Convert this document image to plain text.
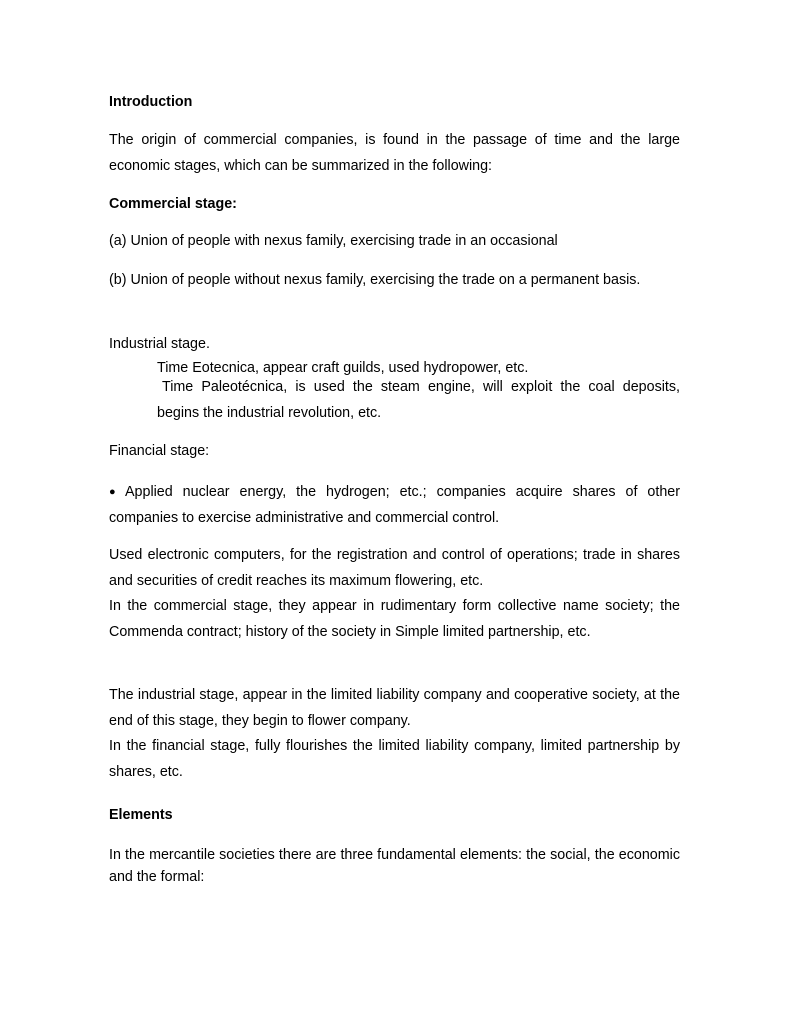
Introduction

The origin of commercial companies, is found in the passage of time and the large economic stages, which can be summarized in the following:

Commercial stage:

(a) Union of people with nexus family, exercising trade in an occasional

(b) Union of people without nexus family, exercising the trade on a permanent basis.

Industrial stage.

Time Eotecnica, appear craft guilds, used hydropower, etc.

Time Paleotécnica, is used the steam engine, will exploit the coal deposits, begins the industrial revolution, etc.

Financial stage:

● Applied nuclear energy, the hydrogen; etc.; companies acquire shares of other companies to exercise administrative and commercial control.

Used electronic computers, for the registration and control of operations; trade in shares and securities of credit reaches its maximum flowering, etc.
In the commercial stage, they appear in rudimentary form collective name society; the Commenda contract; history of the society in Simple limited partnership, etc.
The industrial stage, appear in the limited liability company and cooperative society, at the end of this stage, they begin to flower company.
In the financial stage, fully flourishes the limited liability company, limited partnership by shares, etc.

Elements

In the mercantile societies there are three fundamental elements: the social, the economic and the formal:
